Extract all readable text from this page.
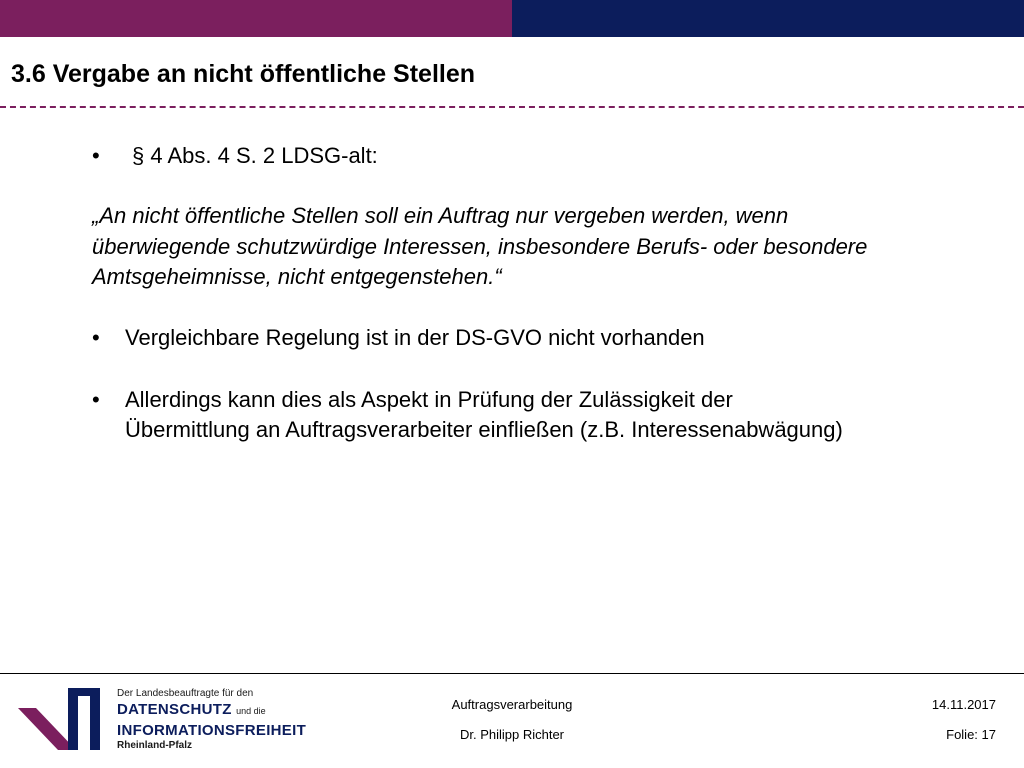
3.6 Vergabe an nicht öffentliche Stellen
• § 4 Abs. 4 S. 2 LDSG-alt:
„An nicht öffentliche Stellen soll ein Auftrag nur vergeben werden, wenn überwiegende schutzwürdige Interessen, insbesondere Berufs- oder besondere Amtsgeheimnisse, nicht entgegenstehen.“
• Vergleichbare Regelung ist in der DS-GVO nicht vorhanden
• Allerdings kann dies als Aspekt in Prüfung der Zulässigkeit der Übermittlung an Auftragsverarbeiter einfließen (z.B. Interessenabwägung)
Der Landesbeauftragte für den
DATENSCHUTZ und die
INFORMATIONSFREIHEIT
Rheinland-Pfalz
Auftragsverarbeitung
Dr. Philipp Richter
14.11.2017
Folie: 17
